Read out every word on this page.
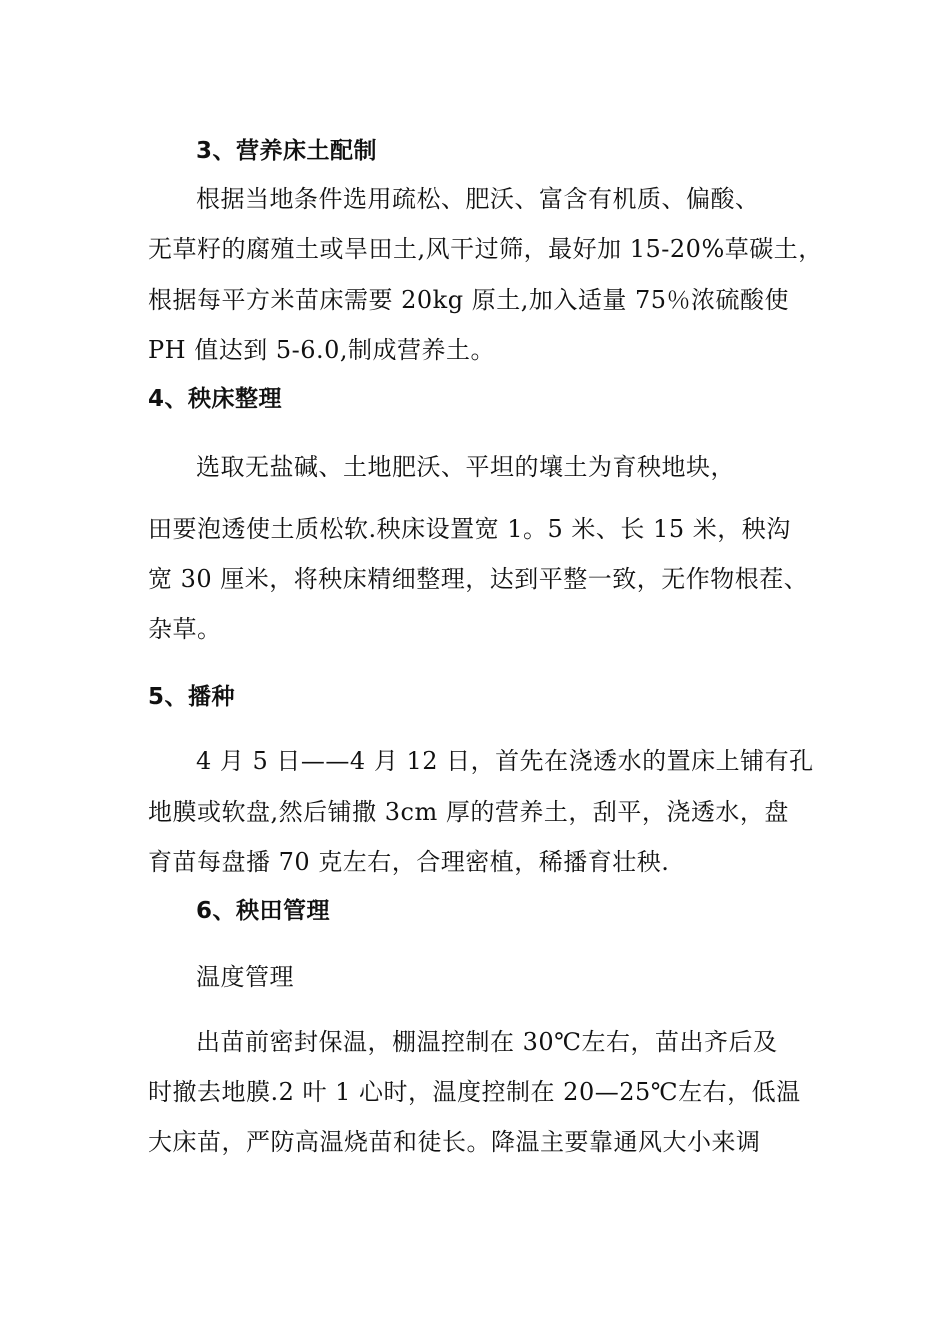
3、营养床土配制
根据当地条件选用疏松、肥沃、富含有机质、偏酸、
无草籽的腐殖土或旱田土,风干过筛，最好加 15-20%草碳土，
根据每平方米苗床需要 20kg 原土,加入适量 75％浓硫酸使
PH 值达到 5-6.0,制成营养土。
4、秧床整理
选取无盐碱、土地肥沃、平坦的壤土为育秧地块，
田要泡透使土质松软.秧床设置宽 1。5 米、长 15 米，秧沟
宽 30 厘米，将秧床精细整理，达到平整一致，无作物根茬、
杂草。
5、播种
4 月 5 日——4 月 12 日，首先在浇透水的置床上铺有孔
地膜或软盘,然后铺撒 3cm 厚的营养土，刮平，浇透水，盘
育苗每盘播 70 克左右，合理密植，稀播育壮秧.
6、秧田管理
温度管理
出苗前密封保温，棚温控制在 30℃左右，苗出齐后及
时撤去地膜.2 叶 1 心时，温度控制在 20—25℃左右，低温
大床苗，严防高温烧苗和徒长。降温主要靠通风大小来调
